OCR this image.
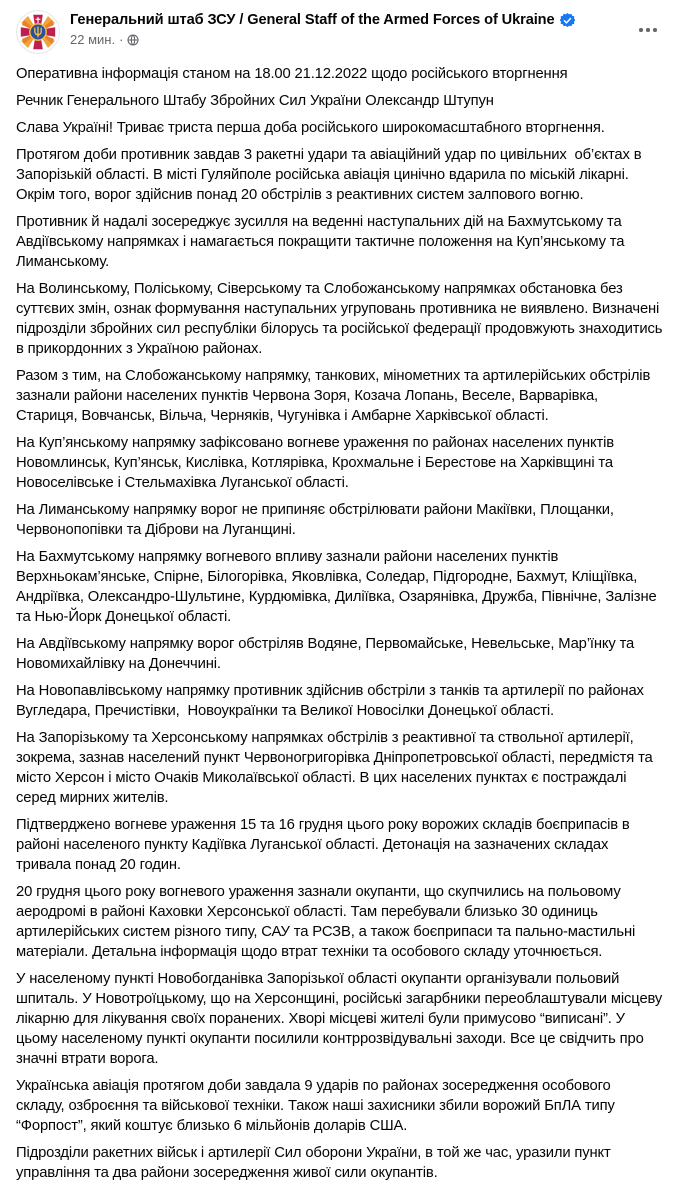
Генеральний штаб ЗСУ / General Staff of the Armed Forces of Ukraine
22 мин. ·

Оперативна інформація станом на 18.00 21.12.2022 щодо російського вторгнення

Речник Генерального Штабу Збройних Сил України Олександр Штупун

Слава Україні! Триває триста перша доба російського широкомасштабного вторгнення.

Протягом доби противник завдав 3 ракетні удари та авіаційний удар по цивільних  об’єктах в Запорізькій області. В місті Гуляйполе російська авіація цинічно вдарила по міській лікарні. Окрім того, ворог здійснив понад 20 обстрілів з реактивних систем залпового вогню.

Противник й надалі зосереджує зусилля на веденні наступальних дій на Бахмутському та Авдіївському напрямках і намагається покращити тактичне положення на Куп’янському та Лиманському.

На Волинському, Поліському, Сіверському та Слобожанському напрямках обстановка без суттєвих змін, ознак формування наступальних угруповань противника не виявлено. Визначені підрозділи збройних сил республіки білорусь та російської федерації продовжують знаходитись в прикордонних з Україною районах.

Разом з тим, на Слобожанському напрямку, танкових, мінометних та артилерійських обстрілів зазнали райони населених пунктів Червона Зоря, Козача Лопань, Веселе, Варварівка, Стариця, Вовчанськ, Вільча, Черняків, Чугунівка і Амбарне Харківської області.

На Куп’янському напрямку зафіксовано вогневе ураження по районах населених пунктів Новомлинськ, Куп’янськ, Кислівка, Котлярівка, Крохмальне і Берестове на Харківщині та Новоселівське і Стельмахівка Луганської області.

На Лиманському напрямку ворог не припиняє обстрілювати райони Макіївки, Площанки, Червонопопівки та Діброви на Луганщині.

На Бахмутському напрямку вогневого впливу зазнали райони населених пунктів Верхньокам’янське, Спірне, Білогорівка, Яковлівка, Соледар, Підгородне, Бахмут, Кліщіївка, Андріївка, Олександро-Шультине, Курдюмівка, Диліївка, Озарянівка, Дружба, Північне, Залізне та Нью-Йорк Донецької області.

На Авдіївському напрямку ворог обстріляв Водяне, Первомайське, Невельське, Мар’їнку та Новомихайлівку на Донеччині.

На Новопавлівському напрямку противник здійснив обстріли з танків та артилерії по районах Вугледара, Пречистівки,  Новоукраїнки та Великої Новосілки Донецької області.

На Запорізькому та Херсонському напрямках обстрілів з реактивної та ствольної артилерії, зокрема, зазнав населений пункт Червоногригорівка Дніпропетровської області, передмістя та місто Херсон і місто Очаків Миколаївської області. В цих населених пунктах є постраждалі серед мирних жителів.

Підтверджено вогневе ураження 15 та 16 грудня цього року ворожих складів боєприпасів в районі населеного пункту Кадіївка Луганської області. Детонація на зазначених складах тривала понад 20 годин.

20 грудня цього року вогневого ураження зазнали окупанти, що скупчились на польовому аеродромі в районі Каховки Херсонської області. Там перебували близько 30 одиниць артилерійських систем різного типу, САУ та РСЗВ, а також боєприпаси та пально-мастильні матеріали. Детальна інформація щодо втрат техніки та особового складу уточнюється.

У населеному пункті Новобогданівка Запорізької області окупанти організували польовий шпиталь. У Новотроїцькому, що на Херсонщині, російські загарбники переоблаштували місцеву лікарню для лікування своїх поранених. Хворі місцеві жителі були примусово “виписані”. У цьому населеному пункті окупанти посилили контррозвідувальні заходи. Все це свідчить про значні втрати ворога.

Українська авіація протягом доби завдала 9 ударів по районах зосередження особового складу, озброєння та військової техніки. Також наші захисники збили ворожий БпЛА типу “Форпост”, який коштує близько 6 мільйонів доларів США.

Підрозділи ракетних військ і артилерії Сил оборони України, в той же час, уразили пункт управління та два райони зосередження живої сили окупантів.
